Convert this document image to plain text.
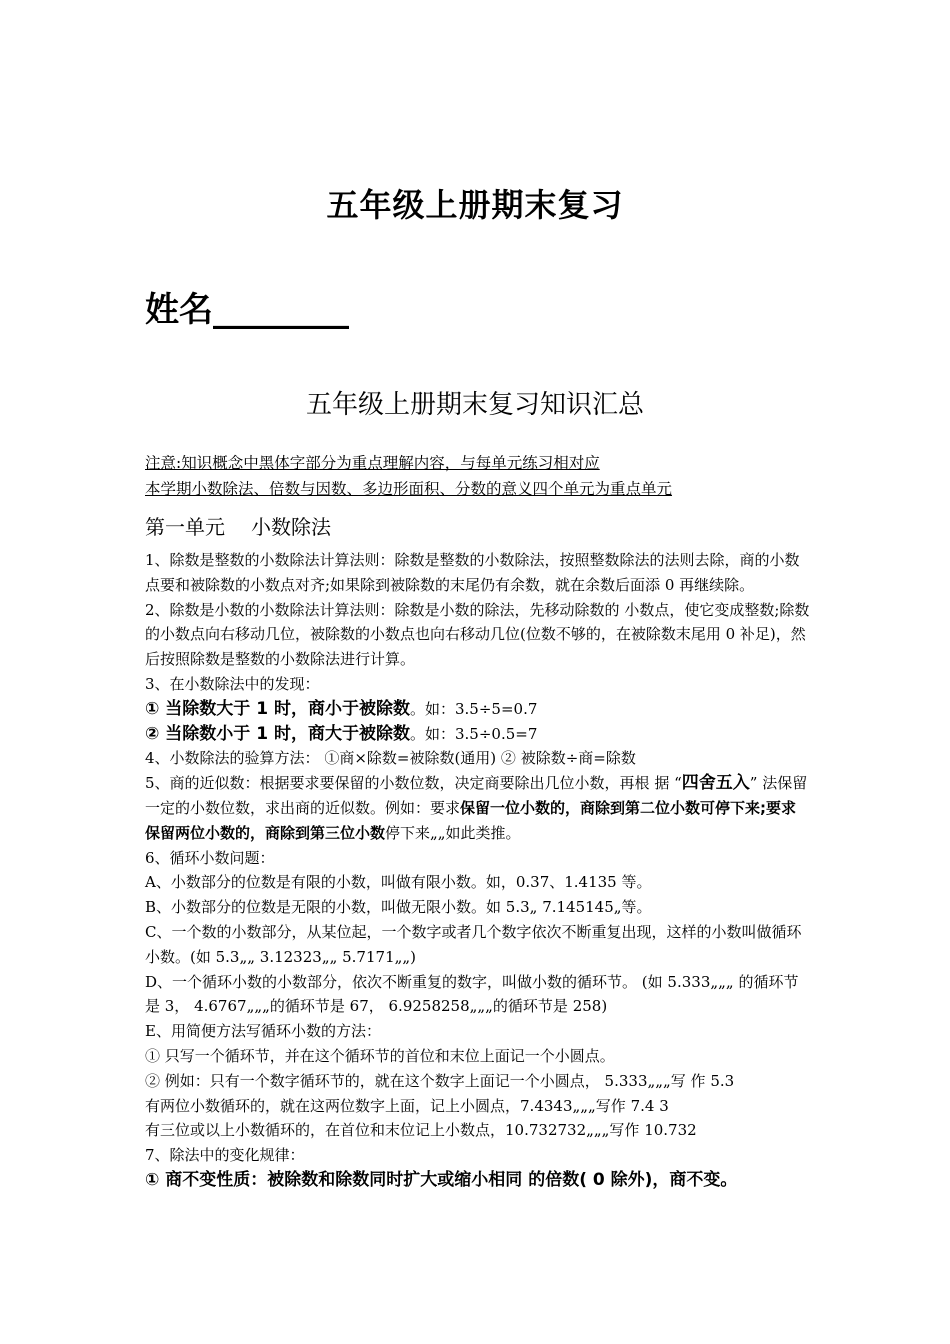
五年级上册期末复习
姓名________
五年级上册期末复习知识汇总
注意:知识概念中黑体字部分为重点理解内容，与每单元练习相对应
本学期小数除法、倍数与因数、多边形面积、分数的意义四个单元为重点单元
第一单元 小数除法

1、除数是整数的小数除法计算法则：除数是整数的小数除法，按照整数除法的法则去除，商的小数点要和被除数的小数点对齐;如果除到被除数的末尾仍有余数，就在余数后面添 0 再继续除。

2、除数是小数的小数除法计算法则：除数是小数的除法，先移动除数的 小数点，使它变成整数;除数的小数点向右移动几位，被除数的小数点也向右移动几位(位数不够的，在被除数末尾用 0 补足)，然后按照除数是整数的小数除法进行计算。

3、在小数除法中的发现：

① 当除数大于 1 时，商小于被除数。如：3.5÷5=0.7

② 当除数小于 1 时，商大于被除数。如：3.5÷0.5=7

4、小数除法的验算方法： ①商×除数=被除数(通用) ② 被除数÷商=除数

5、商的近似数：根据要求要保留的小数位数，决定商要除出几位小数，再根 据 “四舍五入” 法保留一定的小数位数，求出商的近似数。例如：要求保留一位小数的，商除到第二位小数可停下来;要求保留两位小数的，商除到第三位小数停下来„„如此类推。

6、循环小数问题：

A、小数部分的位数是有限的小数，叫做有限小数。如，0.37、1.4135 等。

B、小数部分的位数是无限的小数，叫做无限小数。如 5.3„ 7.145145„等。

C、一个数的小数部分，从某位起，一个数字或者几个数字依次不断重复出现，这样的小数叫做循环小数。(如 5.3„„ 3.12323„„ 5.7171„„)

D、一个循环小数的小数部分，依次不断重复的数字，叫做小数的循环节。 (如 5.333„„„ 的循环节是 3， 4.6767„„„的循环节是 67， 6.9258258„„„的循环节是 258)

E、用简便方法写循环小数的方法：

① 只写一个循环节，并在这个循环节的首位和末位上面记一个小圆点。

② 例如：只有一个数字循环节的，就在这个数字上面记一个小圆点， 5.333„„„写 作 5.3

有两位小数循环的，就在这两位数字上面，记上小圆点，7.4343„„„写作 7.4 3

有三位或以上小数循环的，在首位和末位记上小数点，10.732732„„„写作 10.732

7、除法中的变化规律：

① 商不变性质：被除数和除数同时扩大或缩小相同 的倍数( 0 除外)，商不变。
